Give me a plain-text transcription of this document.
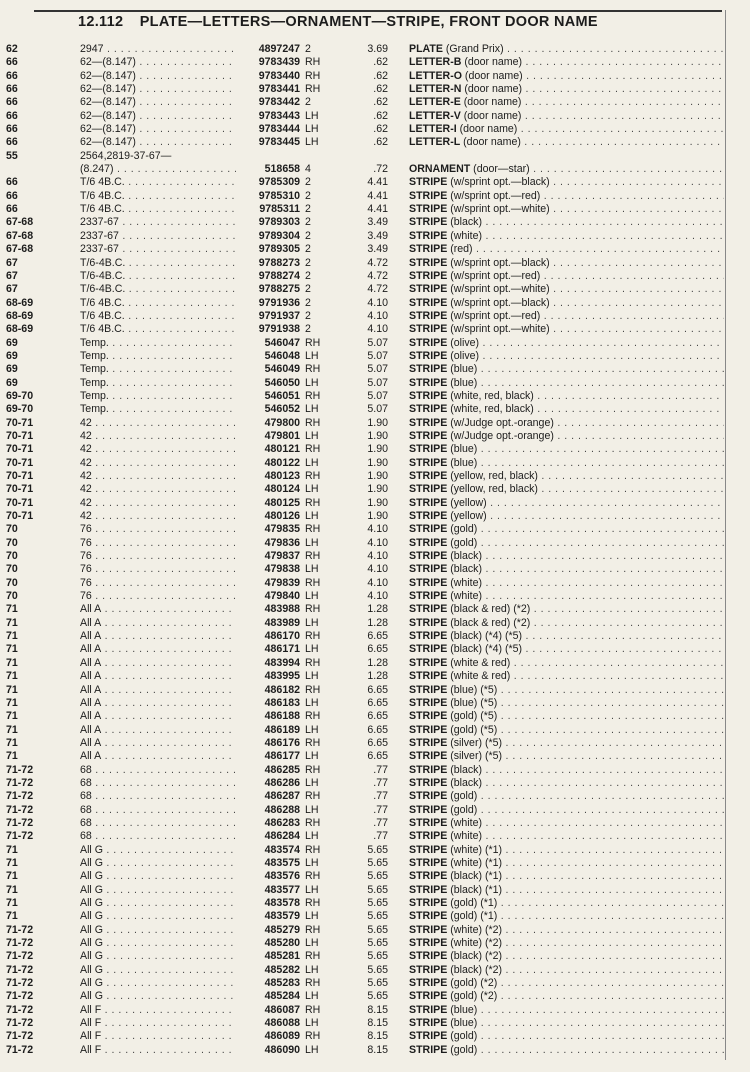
12.112 PLATE—LETTERS—ORNAMENT—STRIPE, FRONT DOOR NAME
62	2947 . . .	4897247 2	3.69 PLATE (Grand Prix) . . .
66	62—(8.147) . . .	9783439 RH	.62 LETTER-B (door name) . . .
66	62—(8.147) . . .	9783440 RH	.62 LETTER-O (door name) . . .
66	62—(8.147) . . .	9783441 RH	.62 LETTER-N (door name) . . .
66	62—(8.147) . . .	9783442 2	.62 LETTER-E (door name) . . .
66	62—(8.147) . . .	9783443 LH	.62 LETTER-V (door name) . . .
66	62—(8.147) . . .	9783444 LH	.62 LETTER-I (door name) . . .
66	62—(8.147) . . .	9783445 LH	.62 LETTER-L (door name) . . .
55	2564,2819-37-67—
(8.247) . . .	518658 4	.72 ORNAMENT (door—star) . . .
66	T/6 4B.C. . . .	9785309 2	4.41 STRIPE (w/sprint opt.—black) . . .
66	T/6 4B.C. . . .	9785310 2	4.41 STRIPE (w/sprint opt.—red) . . .
66	T/6 4B.C. . . .	9785311 2	4.41 STRIPE (w/sprint opt.—white) . . .
67-68	2337-67 . . .	9789303 2	3.49 STRIPE (black) . . .
67-68	2337-67 . . .	9789304 2	3.49 STRIPE (white) . . .
67-68	2337-67 . . .	9789305 2	3.49 STRIPE (red) . . .
67	T/6-4B.C. . . .	9788273 2	4.72 STRIPE (w/sprint opt.—black) . . .
67	T/6-4B.C. . . .	9788274 2	4.72 STRIPE (w/sprint opt.—red) . . .
67	T/6-4B.C. . . .	9788275 2	4.72 STRIPE (w/sprint opt.—white) . . .
68-69	T/6 4B.C. . . .	9791936 2	4.10 STRIPE (w/sprint opt.—black) . . .
68-69	T/6 4B.C. . . .	9791937 2	4.10 STRIPE (w/sprint opt.—red) . . .
68-69	T/6 4B.C. . . .	9791938 2	4.10 STRIPE (w/sprint opt.—white) . . .
69	Temp. . . .	546047 RH	5.07 STRIPE (olive) . . .
69	Temp. . . .	546048 LH	5.07 STRIPE (olive) . . .
69	Temp. . . .	546049 RH	5.07 STRIPE (blue) . . .
69	Temp. . . .	546050 LH	5.07 STRIPE (blue) . . .
69-70	Temp. . . .	546051 RH	5.07 STRIPE (white, red, black) . . .
69-70	Temp. . . .	546052 LH	5.07 STRIPE (white, red, black) . . .
70-71	42 . . .	479800 RH	1.90 STRIPE (w/Judge opt.-orange) . . .
70-71	42 . . .	479801 LH	1.90 STRIPE (w/Judge opt.-orange) . . .
70-71	42 . . .	480121 RH	1.90 STRIPE (blue) . . .
70-71	42 . . .	480122 LH	1.90 STRIPE (blue) . . .
70-71	42 . . .	480123 RH	1.90 STRIPE (yellow, red, black) . . .
70-71	42 . . .	480124 LH	1.90 STRIPE (yellow, red, black) . . .
70-71	42 . . .	480125 RH	1.90 STRIPE (yellow) . . .
70-71	42 . . .	480126 LH	1.90 STRIPE (yellow) . . .
70	76 . . .	479835 RH	4.10 STRIPE (gold) . . .
70	76 . . .	479836 LH	4.10 STRIPE (gold) . . .
70	76 . . .	479837 RH	4.10 STRIPE (black) . . .
70	76 . . .	479838 LH	4.10 STRIPE (black) . . .
70	76 . . .	479839 RH	4.10 STRIPE (white) . . .
70	76 . . .	479840 LH	4.10 STRIPE (white) . . .
71	All A . . .	483988 RH	1.28 STRIPE (black & red) (*2) . . .
71	All A . . .	483989 LH	1.28 STRIPE (black & red) (*2) . . .
71	All A . . .	486170 RH	6.65 STRIPE (black) (*4) (*5) . . .
71	All A . . .	486171 LH	6.65 STRIPE (black) (*4) (*5) . . .
71	All A . . .	483994 RH	1.28 STRIPE (white & red) . . .
71	All A . . .	483995 LH	1.28 STRIPE (white & red) . . .
71	All A . . .	486182 RH	6.65 STRIPE (blue) (*5) . . .
71	All A . . .	486183 LH	6.65 STRIPE (blue) (*5) . . .
71	All A . . .	486188 RH	6.65 STRIPE (gold) (*5) . . .
71	All A . . .	486189 LH	6.65 STRIPE (gold) (*5) . . .
71	All A . . .	486176 RH	6.65 STRIPE (silver) (*5) . . .
71	All A . . .	486177 LH	6.65 STRIPE (silver) (*5) . . .
71-72	68 . . .	486285 RH	.77 STRIPE (black) . . .
71-72	68 . . .	486286 LH	.77 STRIPE (black) . . .
71-72	68 . . .	486287 RH	.77 STRIPE (gold) . . .
71-72	68 . . .	486288 LH	.77 STRIPE (gold) . . .
71-72	68 . . .	486283 RH	.77 STRIPE (white) . . .
71-72	68 . . .	486284 LH	.77 STRIPE (white) . . .
71	All G . . .	483574 RH	5.65 STRIPE (white) (*1) . . .
71	All G . . .	483575 LH	5.65 STRIPE (white) (*1) . . .
71	All G . . .	483576 RH	5.65 STRIPE (black) (*1) . . .
71	All G . . .	483577 LH	5.65 STRIPE (black) (*1) . . .
71	All G . . .	483578 RH	5.65 STRIPE (gold) (*1) . . .
71	All G . . .	483579 LH	5.65 STRIPE (gold) (*1) . . .
71-72	All G . . .	485279 RH	5.65 STRIPE (white) (*2) . . .
71-72	All G . . .	485280 LH	5.65 STRIPE (white) (*2) . . .
71-72	All G . . .	485281 RH	5.65 STRIPE (black) (*2) . . .
71-72	All G . . .	485282 LH	5.65 STRIPE (black) (*2) . . .
71-72	All G . . .	485283 RH	5.65 STRIPE (gold) (*2) . . .
71-72	All G . . .	485284 LH	5.65 STRIPE (gold) (*2) . . .
71-72	All F . . .	486087 RH	8.15 STRIPE (blue) . . .
71-72	All F . . .	486088 LH	8.15 STRIPE (blue) . . .
71-72	All F . . .	486089 RH	8.15 STRIPE (gold) . . .
71-72	All F . . .	486090 LH	8.15 STRIPE (gold) . . .
